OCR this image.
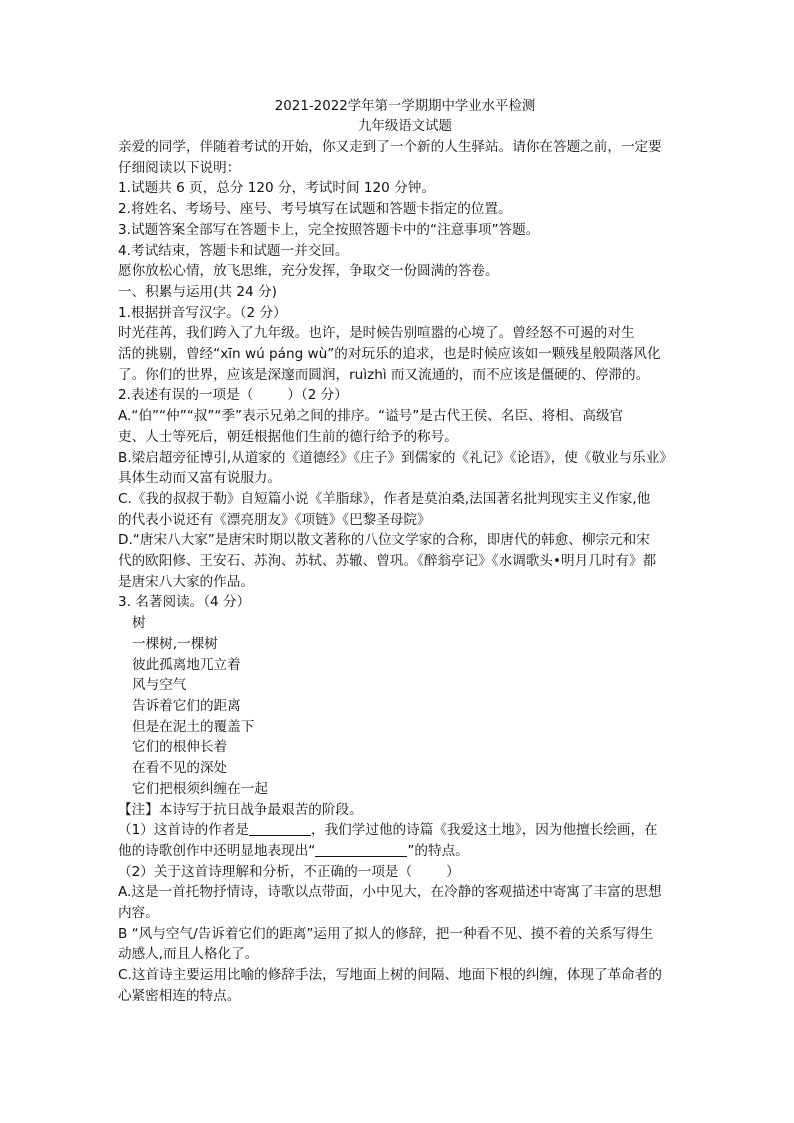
2021-2022学年第一学期期中学业水平检测
九年级语文试题
亲爱的同学，伴随着考试的开始，你又走到了一个新的人生驿站。请你在答题之前，一定要
仔细阅读以下说明：
1.试题共 6 页，总分 120 分，考试时间 120 分钟。
2.将姓名、考场号、座号、考号填写在试题和答题卡指定的位置。
3.试题答案全部写在答题卡上，完全按照答题卡中的“注意事项”答题。
4.考试结束，答题卡和试题一并交回。
愿你放松心情，放飞思维，充分发挥，争取交一份圆满的答卷。
一、积累与运用(共 24 分)
1.根据拼音写汉字。（2 分）
时光荏苒，我们跨入了九年级。也许，是时候告别喧嚣的心境了。曾经怒不可遏的对生
活的挑剔，曾经“xīn wú páng wù”的对玩乐的追求，也是时候应该如一颗残星般陨落风化
了。你们的世界，应该是深邃而圆润，ruìzhì 而又流通的，而不应该是僵硬的、停滞的。
2.表述有误的一项是（	）（2 分）
A.“伯”“仲”“叔”“季”表示兄弟之间的排序。“谥号”是古代王侯、名臣、将相、高级官
吏、人士等死后，朝廷根据他们生前的德行给予的称号。
B.梁启超旁征博引,从道家的《道德经》《庄子》到儒家的《礼记》《论语》，使《敬业与乐业》
具体生动而又富有说服力。
C.《我的叔叔于勒》自短篇小说《羊脂球》，作者是莫泊桑,法国著名批判现实主义作家,他
的代表小说还有《漂亮朋友》《项链》《巴黎圣母院》
D.“唐宋八大家”是唐宋时期以散文著称的八位文学家的合称，即唐代的韩愈、柳宗元和宋
代的欧阳修、王安石、苏洵、苏轼、苏辙、曾巩。《醉翁亭记》《水调歌头•明月几时有》都
是唐宋八大家的作品。
3. 名著阅读。（4 分）
树
一棵树,一棵树
彼此孤离地兀立着
风与空气
告诉着它们的距离
但是在泥土的覆盖下
它们的根伸长着
在看不见的深处
它们把根须纠缠在一起
【注】本诗写于抗日战争最艰苦的阶段。
（1）这首诗的作者是	，我们学过他的诗篇《我爱这土地》，因为他擅长绘画，在
他的诗歌创作中还明显地表现出“	”的特点。
（2）关于这首诗理解和分析，不正确的一项是（	）
A.这是一首托物抒情诗，诗歌以点带面，小中见大，在冷静的客观描述中寄寓了丰富的思想
内容。
B “风与空气/告诉着它们的距离”运用了拟人的修辞，把一种看不见、摸不着的关系写得生
动感人,而且人格化了。
C.这首诗主要运用比喻的修辞手法，写地面上树的间隔、地面下根的纠缠，体现了革命者的
心紧密相连的特点。
